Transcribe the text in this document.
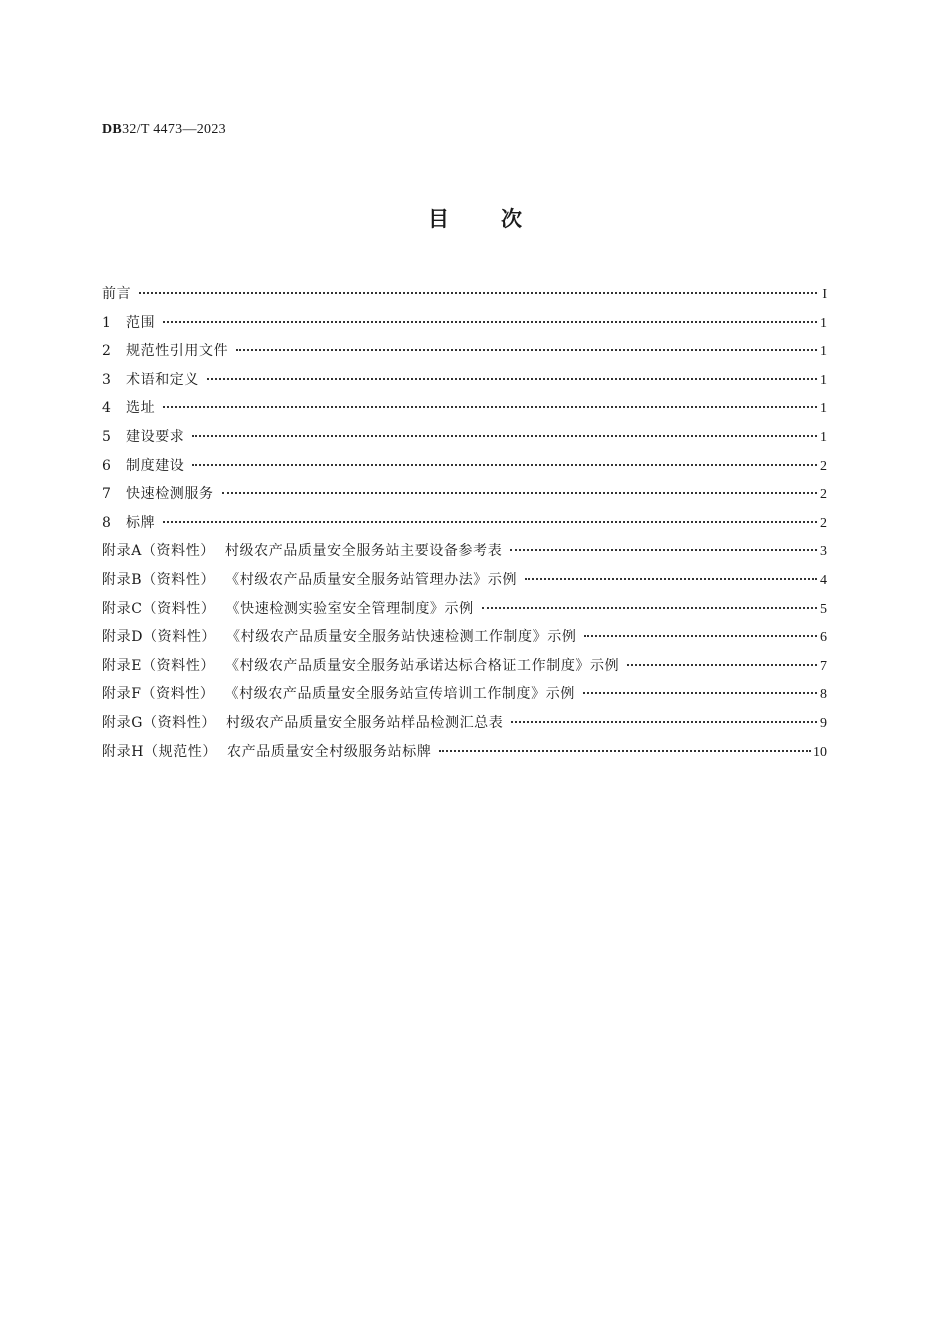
DB32/T 4473—2023
目次
前言	I
1 范围	1
2 规范性引用文件	1
3 术语和定义	1
4 选址	1
5 建设要求	1
6 制度建设	2
7 快速检测服务	2
8 标牌	2
附录A（资料性） 村级农产品质量安全服务站主要设备参考表	3
附录B（资料性） 《村级农产品质量安全服务站管理办法》示例	4
附录C（资料性） 《快速检测实验室安全管理制度》示例	5
附录D（资料性） 《村级农产品质量安全服务站快速检测工作制度》示例	6
附录E（资料性） 《村级农产品质量安全服务站承诺达标合格证工作制度》示例	7
附录F（资料性） 《村级农产品质量安全服务站宣传培训工作制度》示例	8
附录G（资料性） 村级农产品质量安全服务站样品检测汇总表	9
附录H（规范性） 农产品质量安全村级服务站标牌	10
